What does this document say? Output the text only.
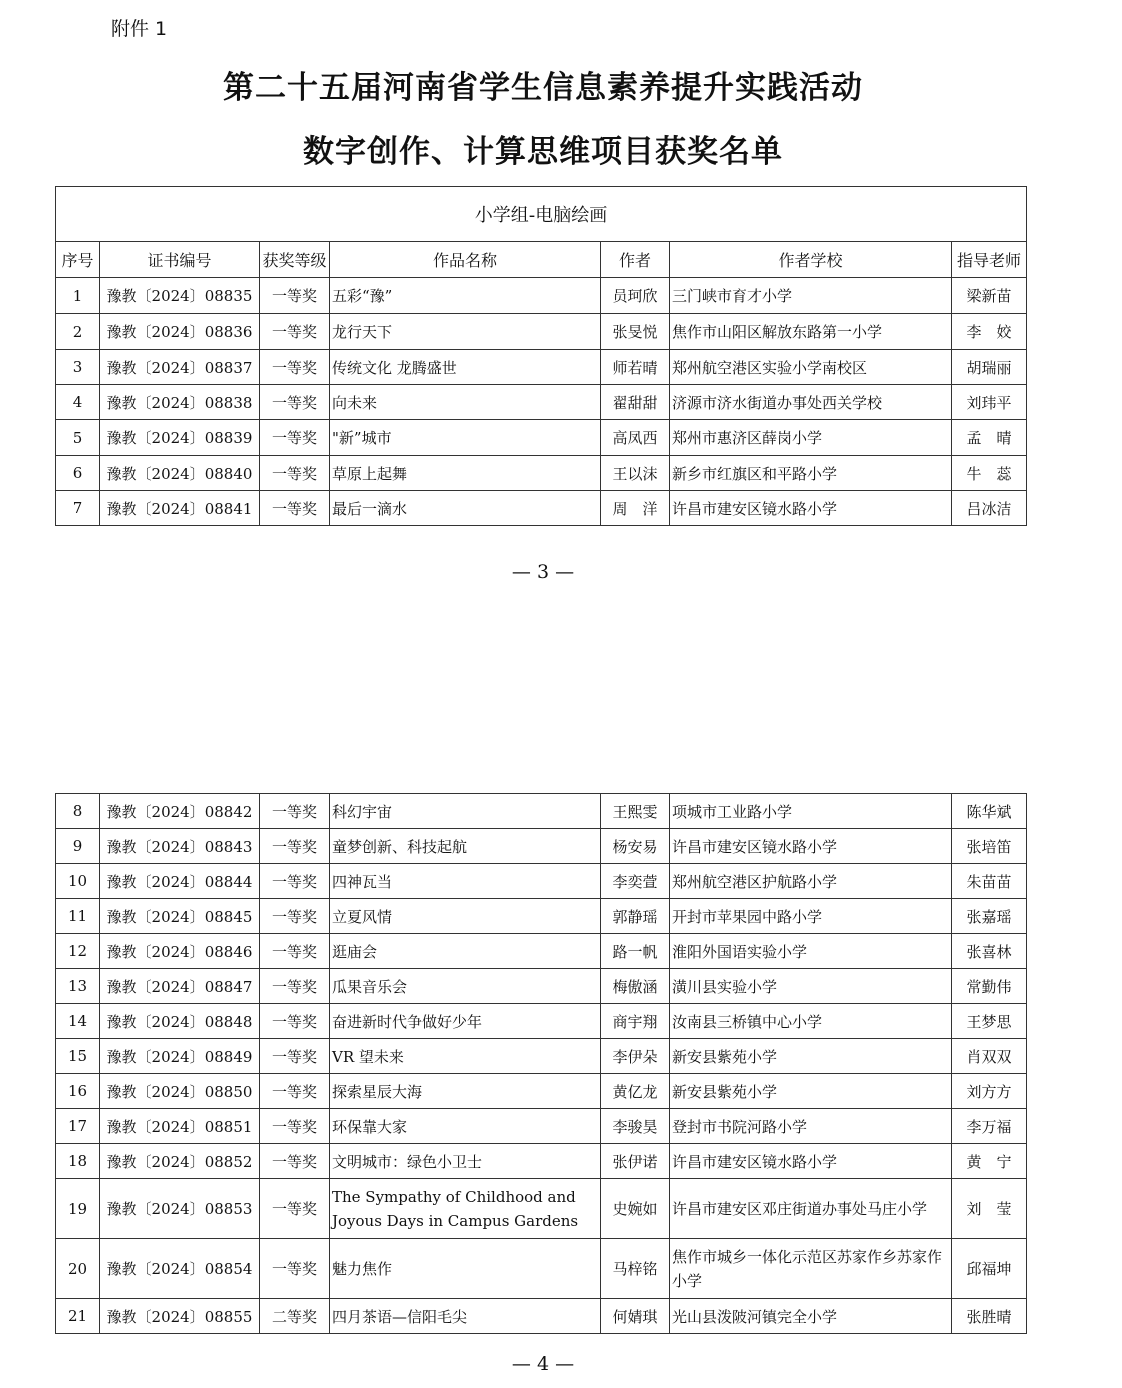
附件 1
第二十五届河南省学生信息素养提升实践活动
数字创作、计算思维项目获奖名单
小学组-电脑绘画						
序号	证书编号	获奖等级	作品名称	作者	作者学校	指导老师
1	豫教〔2024〕08835	一等奖	五彩“豫”	员珂欣	三门峡市育才小学	梁新苗
2	豫教〔2024〕08836	一等奖	龙行天下	张旻悦	焦作市山阳区解放东路第一小学	李　姣
3	豫教〔2024〕08837	一等奖	传统文化 龙腾盛世	师若晴	郑州航空港区实验小学南校区	胡瑞丽
4	豫教〔2024〕08838	一等奖	向未来	翟甜甜	济源市济水街道办事处西关学校	刘玮平
5	豫教〔2024〕08839	一等奖	"新”城市	高凤西	郑州市惠济区薛岗小学	孟　晴
6	豫教〔2024〕08840	一等奖	草原上起舞	王以沫	新乡市红旗区和平路小学	牛　蕊
7	豫教〔2024〕08841	一等奖	最后一滴水	周　洋	许昌市建安区镜水路小学	吕冰洁
— 3 —
8	豫教〔2024〕08842	一等奖	科幻宇宙	王熙雯	项城市工业路小学	陈华斌
9	豫教〔2024〕08843	一等奖	童梦创新、科技起航	杨安易	许昌市建安区镜水路小学	张培笛
10	豫教〔2024〕08844	一等奖	四神瓦当	李奕萱	郑州航空港区护航路小学	朱苗苗
11	豫教〔2024〕08845	一等奖	立夏风情	郭静瑶	开封市苹果园中路小学	张嘉瑶
12	豫教〔2024〕08846	一等奖	逛庙会	路一帆	淮阳外国语实验小学	张喜林
13	豫教〔2024〕08847	一等奖	瓜果音乐会	梅傲涵	潢川县实验小学	常勤伟
14	豫教〔2024〕08848	一等奖	奋进新时代争做好少年	商宇翔	汝南县三桥镇中心小学	王梦思
15	豫教〔2024〕08849	一等奖	VR 望未来	李伊朵	新安县紫苑小学	肖双双
16	豫教〔2024〕08850	一等奖	探索星辰大海	黄亿龙	新安县紫苑小学	刘方方
17	豫教〔2024〕08851	一等奖	环保靠大家	李骏昊	登封市书院河路小学	李万福
18	豫教〔2024〕08852	一等奖	文明城市：绿色小卫士	张伊诺	许昌市建安区镜水路小学	黄　宁
19	豫教〔2024〕08853	一等奖	The Sympathy of Childhood and Joyous Days in Campus Gardens	史婉如	许昌市建安区邓庄街道办事处马庄小学	刘　莹
20	豫教〔2024〕08854	一等奖	魅力焦作	马梓铭	焦作市城乡一体化示范区苏家作乡苏家作小学	邱福坤
21	豫教〔2024〕08855	二等奖	四月茶语—信阳毛尖	何婧琪	光山县泼陂河镇完全小学	张胜晴
— 4 —
